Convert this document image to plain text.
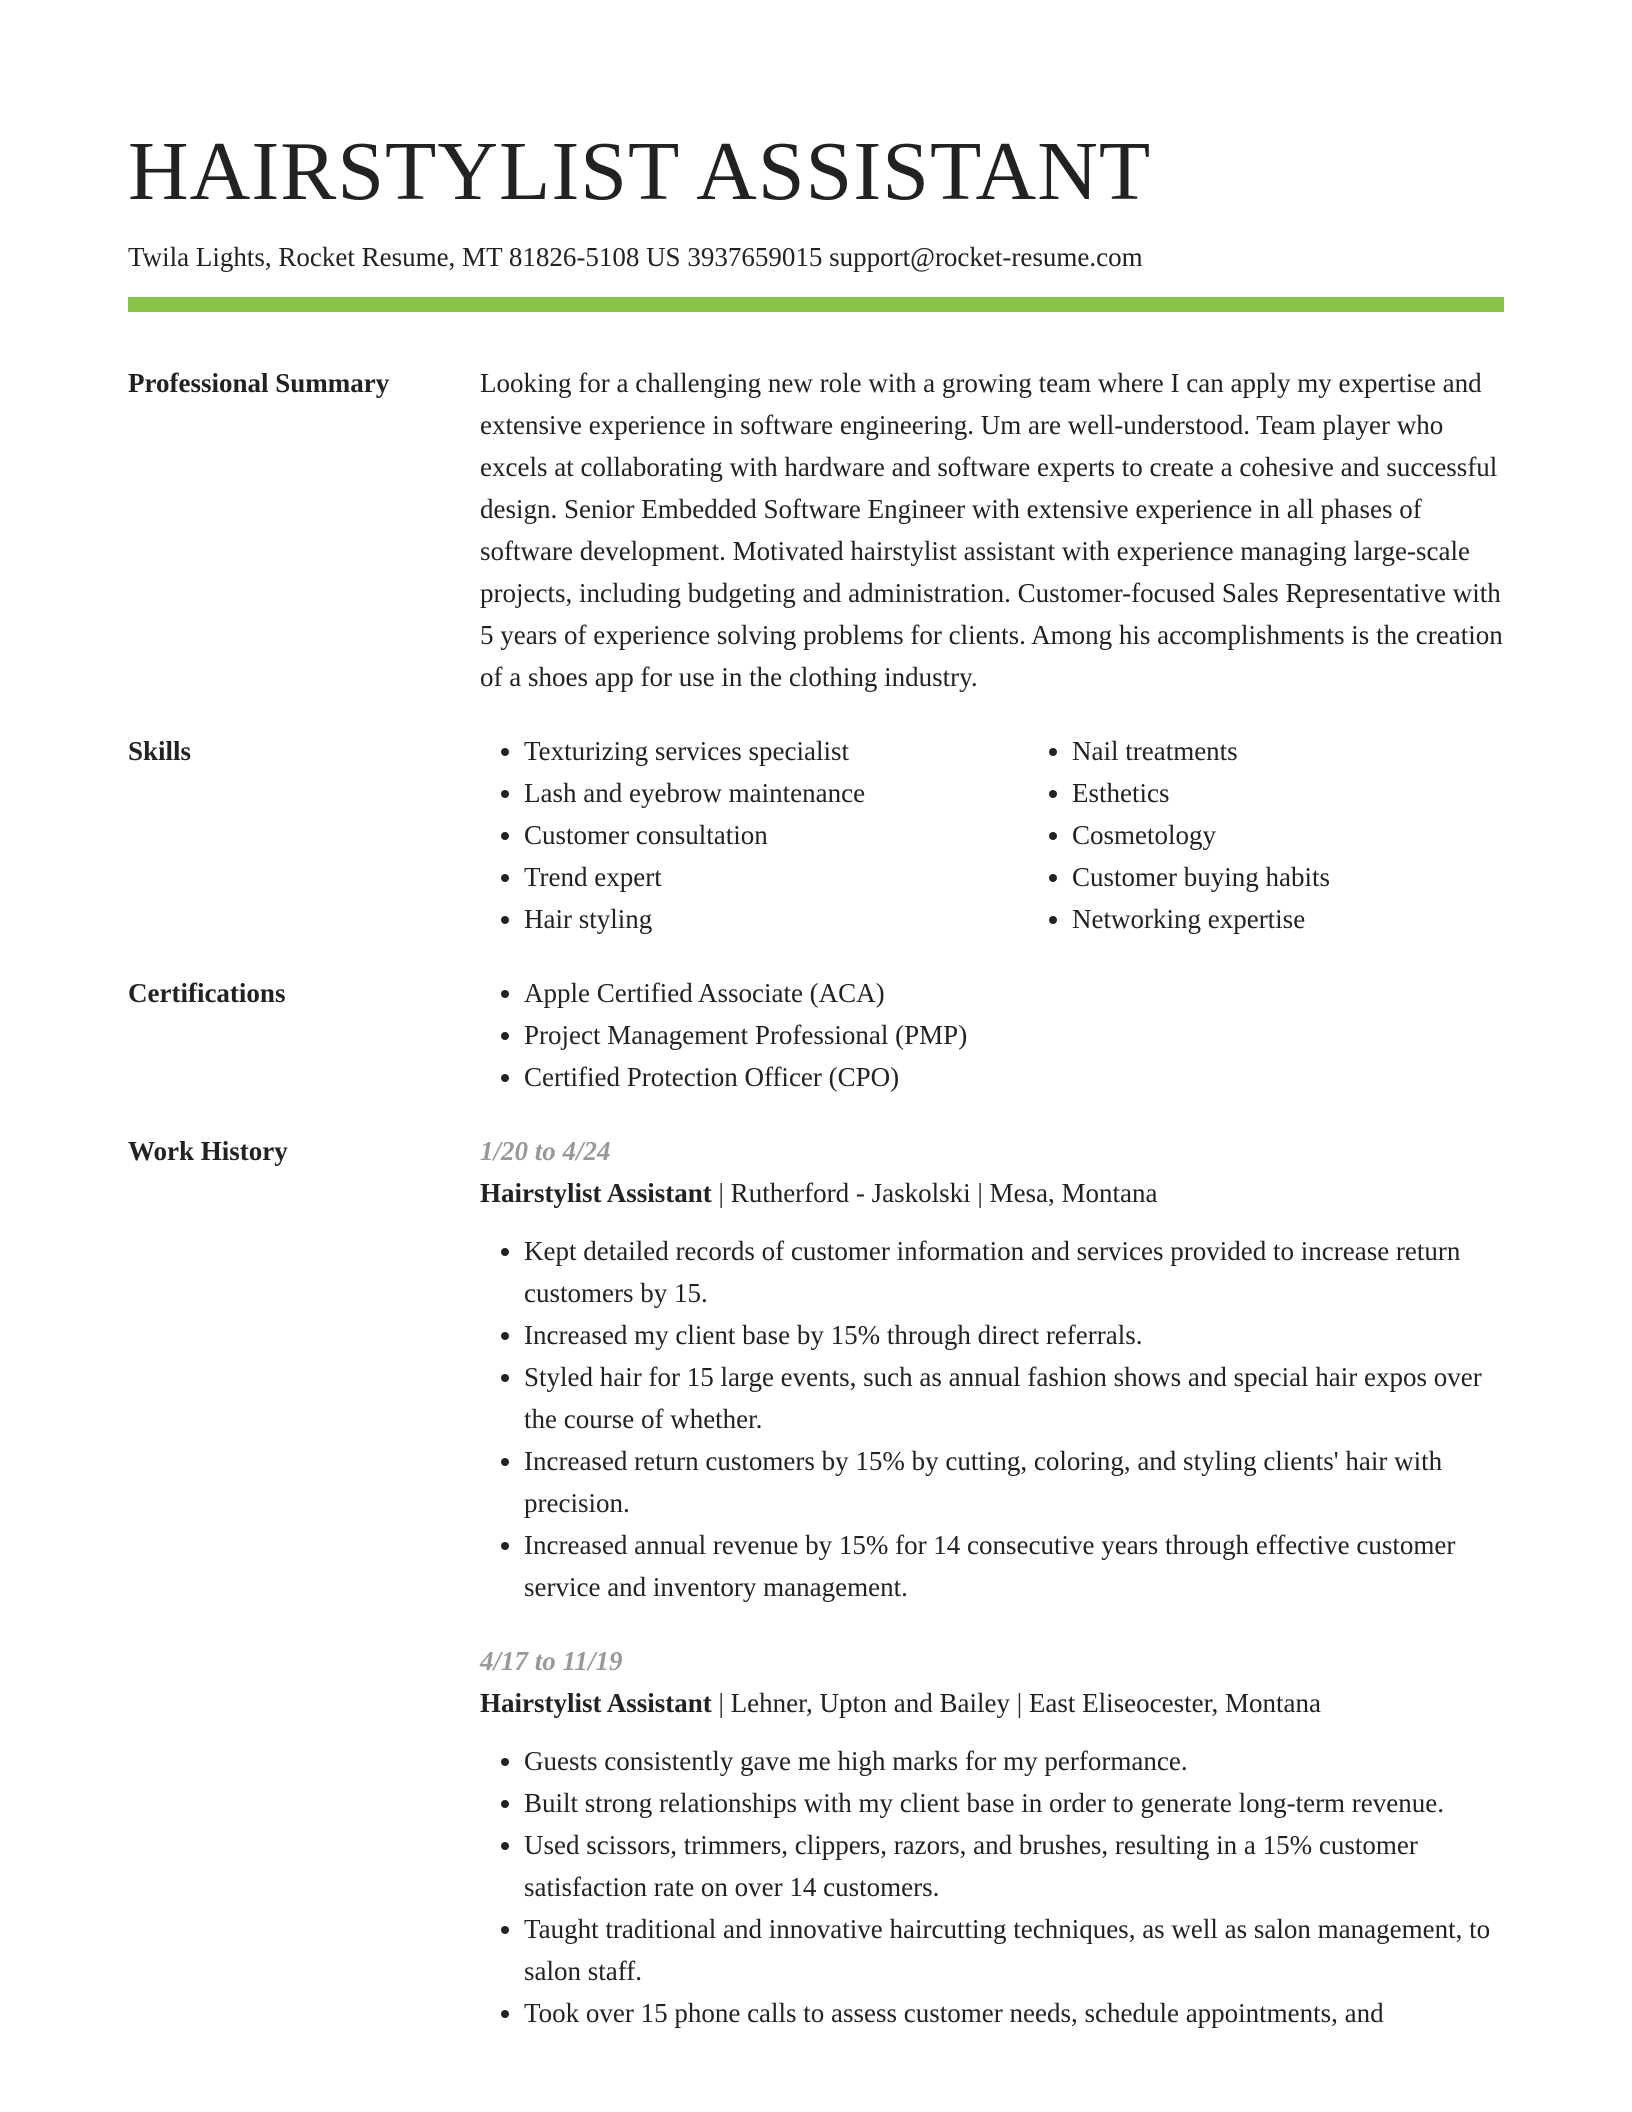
HAIRSTYLIST ASSISTANT
Twila Lights, Rocket Resume, MT 81826-5108 US 3937659015 support@rocket-resume.com
Professional Summary	Looking for a challenging new role with a growing team where I can apply my expertise and extensive experience in software engineering. Um are well-understood. Team player who excels at collaborating with hardware and software experts to create a cohesive and successful design. Senior Embedded Software Engineer with extensive experience in all phases of software development. Motivated hairstylist assistant with experience managing large-scale projects, including budgeting and administration. Customer-focused Sales Representative with 5 years of experience solving problems for clients. Among his accomplishments is the creation of a shoes app for use in the clothing industry.
Skills	• Texturizing services specialist
• Lash and eyebrow maintenance
• Customer consultation
• Trend expert
• Hair styling
• Nail treatments
• Esthetics
• Cosmetology
• Customer buying habits
• Networking expertise
Certifications	• Apple Certified Associate (ACA)
• Project Management Professional (PMP)
• Certified Protection Officer (CPO)
Work History	1/20 to 4/24
Hairstylist Assistant | Rutherford - Jaskolski | Mesa, Montana
• Kept detailed records of customer information and services provided to increase return customers by 15.
• Increased my client base by 15% through direct referrals.
• Styled hair for 15 large events, such as annual fashion shows and special hair expos over the course of whether.
• Increased return customers by 15% by cutting, coloring, and styling clients' hair with precision.
• Increased annual revenue by 15% for 14 consecutive years through effective customer service and inventory management.
4/17 to 11/19
Hairstylist Assistant | Lehner, Upton and Bailey | East Eliseocester, Montana
• Guests consistently gave me high marks for my performance.
• Built strong relationships with my client base in order to generate long-term revenue.
• Used scissors, trimmers, clippers, razors, and brushes, resulting in a 15% customer satisfaction rate on over 14 customers.
• Taught traditional and innovative haircutting techniques, as well as salon management, to salon staff.
• Took over 15 phone calls to assess customer needs, schedule appointments, and
